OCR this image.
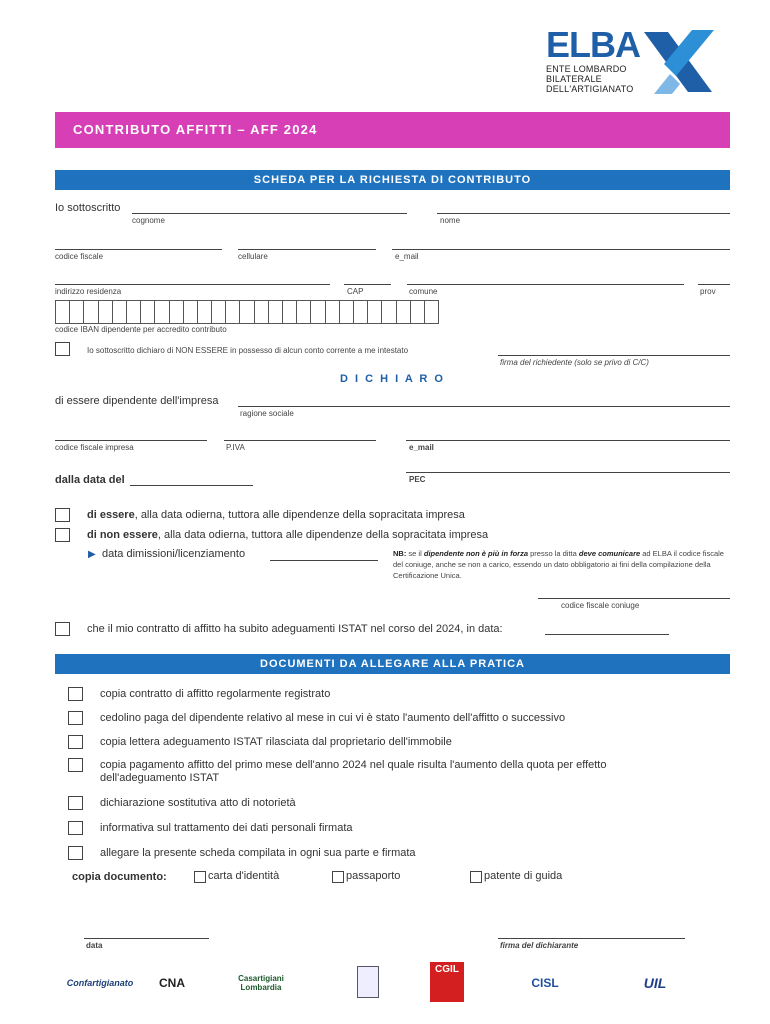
ELBA
ENTE LOMBARDO
BILATERALE
DELL'ARTIGIANATO
CONTRIBUTO AFFITTI – AFF 2024
SCHEDA PER LA RICHIESTA DI CONTRIBUTO
Io sottoscritto
cognome	nome
codice fiscale	cellulare	e_mail
indirizzo residenza	CAP	comune	prov
codice IBAN dipendente per accredito contributo
Io sottoscritto dichiaro di NON ESSERE in possesso di alcun conto corrente a me intestato
firma del richiedente (solo se privo di C/C)
D I C H I A R O
di essere dipendente dell'impresa
ragione sociale
codice fiscale impresa	P.IVA	e_mail
dalla data del	PEC
di essere, alla data odierna, tuttora alle dipendenze della sopracitata impresa
di non essere, alla data odierna, tuttora alle dipendenze della sopracitata impresa
▶ data dimissioni/licenziamento	NB: se il dipendente non è più in forza presso la ditta deve comunicare ad ELBA il codice fiscale del coniuge, anche se non a carico, essendo un dato obbligatorio ai fini della compilazione della Certificazione Unica.
codice fiscale coniuge
che il mio contratto di affitto ha subito adeguamenti ISTAT nel corso del 2024, in data:
DOCUMENTI DA ALLEGARE ALLA PRATICA
copia contratto di affitto regolarmente registrato
cedolino paga del dipendente relativo al mese in cui vi è stato l'aumento dell'affitto o successivo
copia lettera adeguamento ISTAT rilasciata dal proprietario dell'immobile
copia pagamento affitto del primo mese dell'anno 2024 nel quale risulta l'aumento della quota per effetto dell'adeguamento ISTAT
dichiarazione sostitutiva atto di notorietà
informativa sul trattamento dei dati personali firmata
allegare la presente scheda compilata in ogni sua parte e firmata
copia documento:	carta d'identità	passaporto	patente di guida
data	firma del dichiarante
Confartigianato	CNA	Casartigiani Lombardia
CGIL
CISL	UIL
